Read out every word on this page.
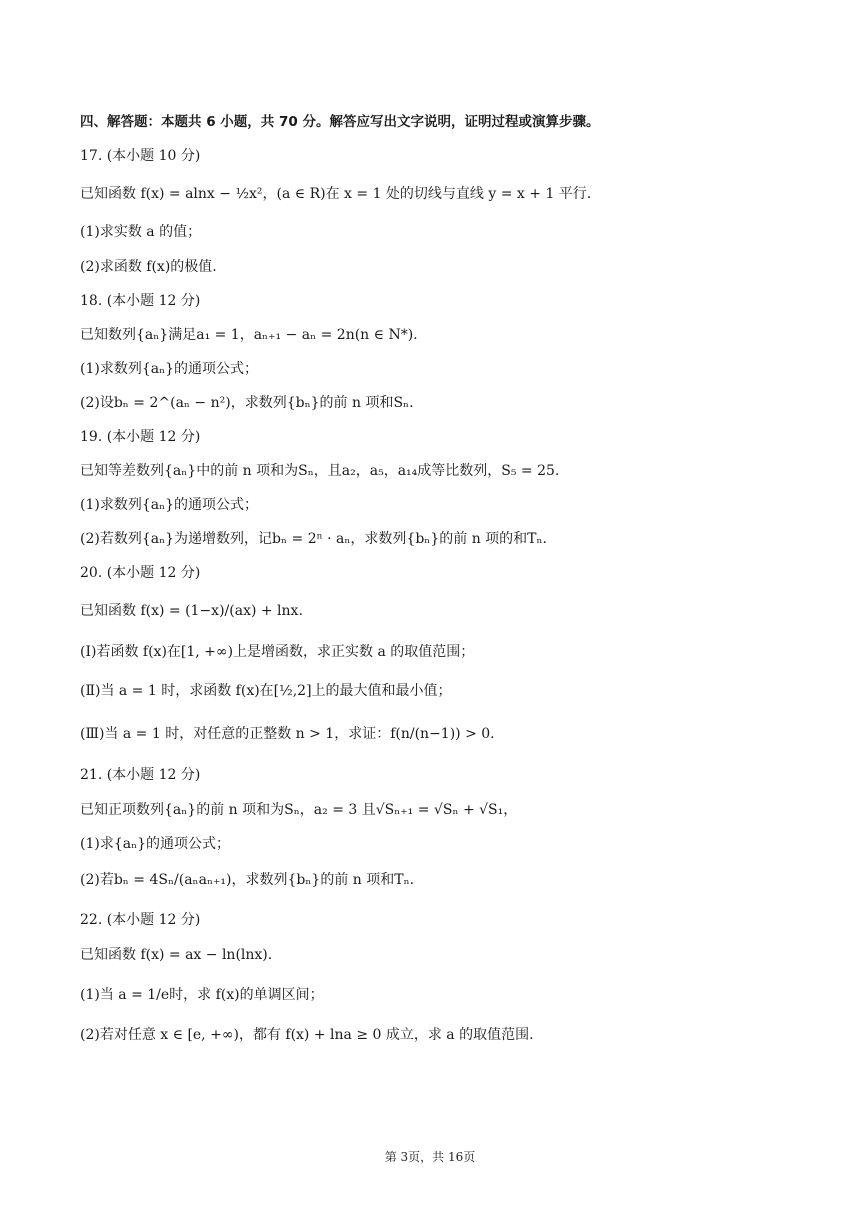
四、解答题：本题共 6 小题，共 70 分。解答应写出文字说明，证明过程或演算步骤。
17. (本小题 10 分)
已知函数 f(x) = alnx − ½x²，(a ∈ R)在 x = 1 处的切线与直线 y = x + 1 平行.
(1)求实数 a 的值；
(2)求函数 f(x)的极值.
18. (本小题 12 分)
已知数列{aₙ}满足a₁ = 1，aₙ₊₁ − aₙ = 2n(n ∈ N*).
(1)求数列{aₙ}的通项公式；
(2)设bₙ = 2^(aₙ − n²)，求数列{bₙ}的前 n 项和Sₙ.
19. (本小题 12 分)
已知等差数列{aₙ}中的前 n 项和为Sₙ，且a₂，a₅，a₁₄成等比数列，S₅ = 25.
(1)求数列{aₙ}的通项公式；
(2)若数列{aₙ}为递增数列，记bₙ = 2ⁿ · aₙ，求数列{bₙ}的前 n 项的和Tₙ.
20. (本小题 12 分)
已知函数 f(x) = (1−x)/(ax) + lnx.
(Ⅰ)若函数 f(x)在[1, +∞)上是增函数，求正实数 a 的取值范围；
(Ⅱ)当 a = 1 时，求函数 f(x)在[½,2]上的最大值和最小值；
(Ⅲ)当 a = 1 时，对任意的正整数 n > 1，求证：f(n/(n−1)) > 0.
21. (本小题 12 分)
已知正项数列{aₙ}的前 n 项和为Sₙ，a₂ = 3 且√Sₙ₊₁ = √Sₙ + √S₁，
(1)求{aₙ}的通项公式；
(2)若bₙ = 4Sₙ/(aₙaₙ₊₁)，求数列{bₙ}的前 n 项和Tₙ.
22. (本小题 12 分)
已知函数 f(x) = ax − ln(lnx).
(1)当 a = 1/e时，求 f(x)的单调区间；
(2)若对任意 x ∈ [e, +∞)，都有 f(x) + lna ≥ 0 成立，求 a 的取值范围.
第 3页，共 16页
